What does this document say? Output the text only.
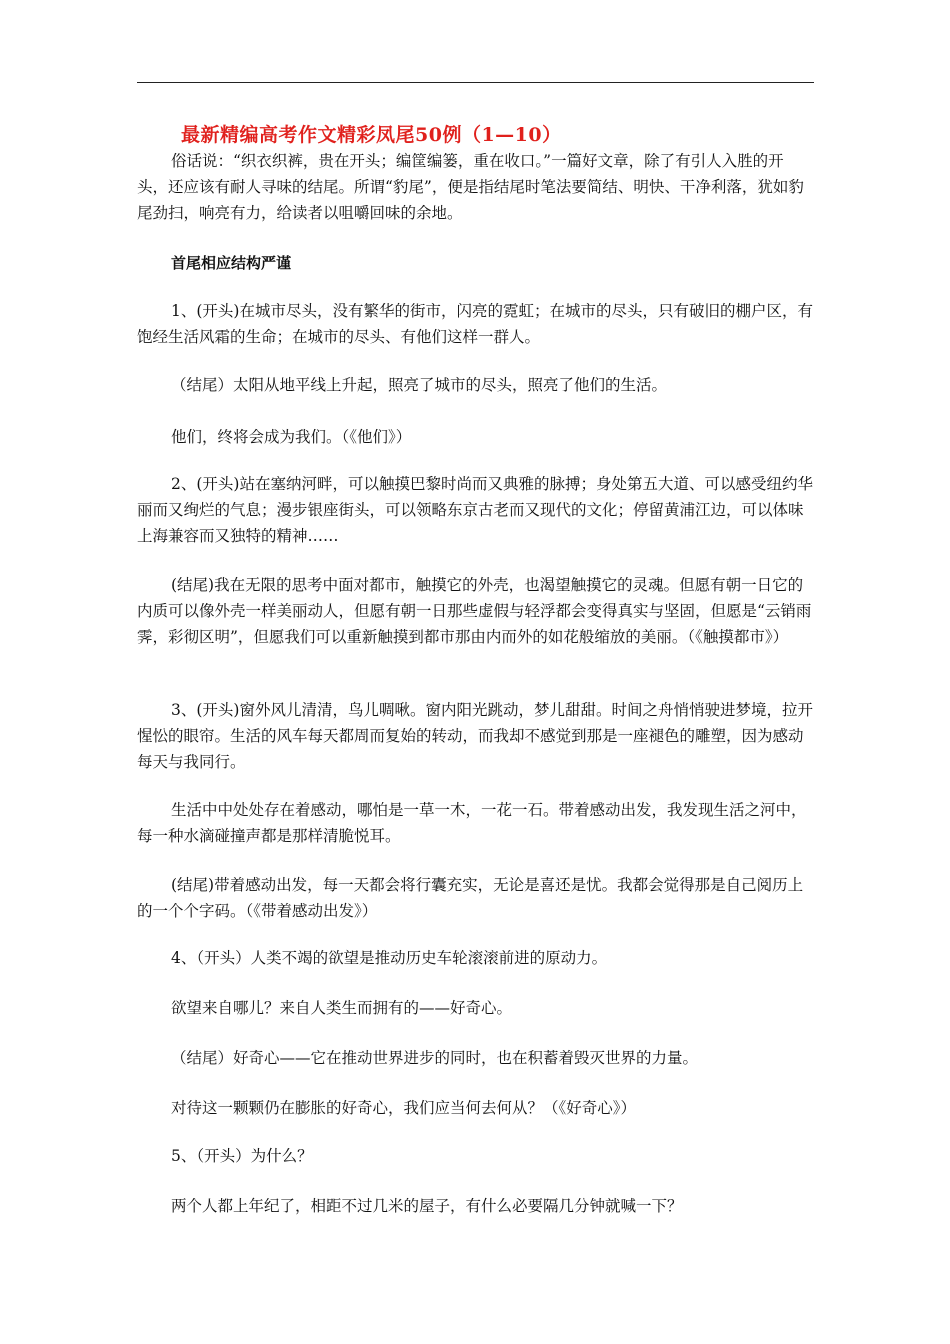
最新精编高考作文精彩凤尾50例（1—10）

俗话说：“织衣织裤，贵在开头；编筐编篓，重在收口。”一篇好文章，除了有引人入胜的开头，还应该有耐人寻味的结尾。所谓“豹尾”，便是指结尾时笔法要简结、明快、干净利落，犹如豹尾劲扫，响亮有力，给读者以咀嚼回味的余地。

首尾相应结构严谨

1、(开头)在城市尽头，没有繁华的街市，闪亮的霓虹；在城市的尽头，只有破旧的棚户区，有饱经生活风霜的生命；在城市的尽头、有他们这样一群人。

（结尾）太阳从地平线上升起，照亮了城市的尽头，照亮了他们的生活。

他们，终将会成为我们。（《他们》）

2、(开头)站在塞纳河畔，可以触摸巴黎时尚而又典雅的脉搏；身处第五大道、可以感受纽约华丽而又绚烂的气息；漫步银座街头，可以领略东京古老而又现代的文化；停留黄浦江边，可以体味上海兼容而又独特的精神……

(结尾)我在无限的思考中面对都市，触摸它的外壳，也渴望触摸它的灵魂。但愿有朝一日它的内质可以像外壳一样美丽动人，但愿有朝一日那些虚假与轻浮都会变得真实与坚固，但愿是“云销雨霁，彩彻区明”，但愿我们可以重新触摸到都市那由内而外的如花般缩放的美丽。（《触摸都市》）

3、(开头)窗外风儿清清，鸟儿啁啾。窗内阳光跳动，梦儿甜甜。时间之舟悄悄驶进梦境，拉开惺忪的眼帘。生活的风车每天都周而复始的转动，而我却不感觉到那是一座褪色的雕塑，因为感动每天与我同行。

生活中中处处存在着感动，哪怕是一草一木，一花一石。带着感动出发，我发现生活之河中，每一种水滴碰撞声都是那样清脆悦耳。

(结尾)带着感动出发，每一天都会将行囊充实，无论是喜还是忧。我都会觉得那是自己阅历上的一个个字码。（《带着感动出发》）

4、（开头）人类不竭的欲望是推动历史车轮滚滚前进的原动力。

欲望来自哪儿？来自人类生而拥有的——好奇心。

（结尾）好奇心——它在推动世界进步的同时，也在积蓄着毁灭世界的力量。

对待这一颗颗仍在膨胀的好奇心，我们应当何去何从？（《好奇心》）

5、（开头）为什么？

两个人都上年纪了，相距不过几米的屋子，有什么必要隔几分钟就喊一下？
